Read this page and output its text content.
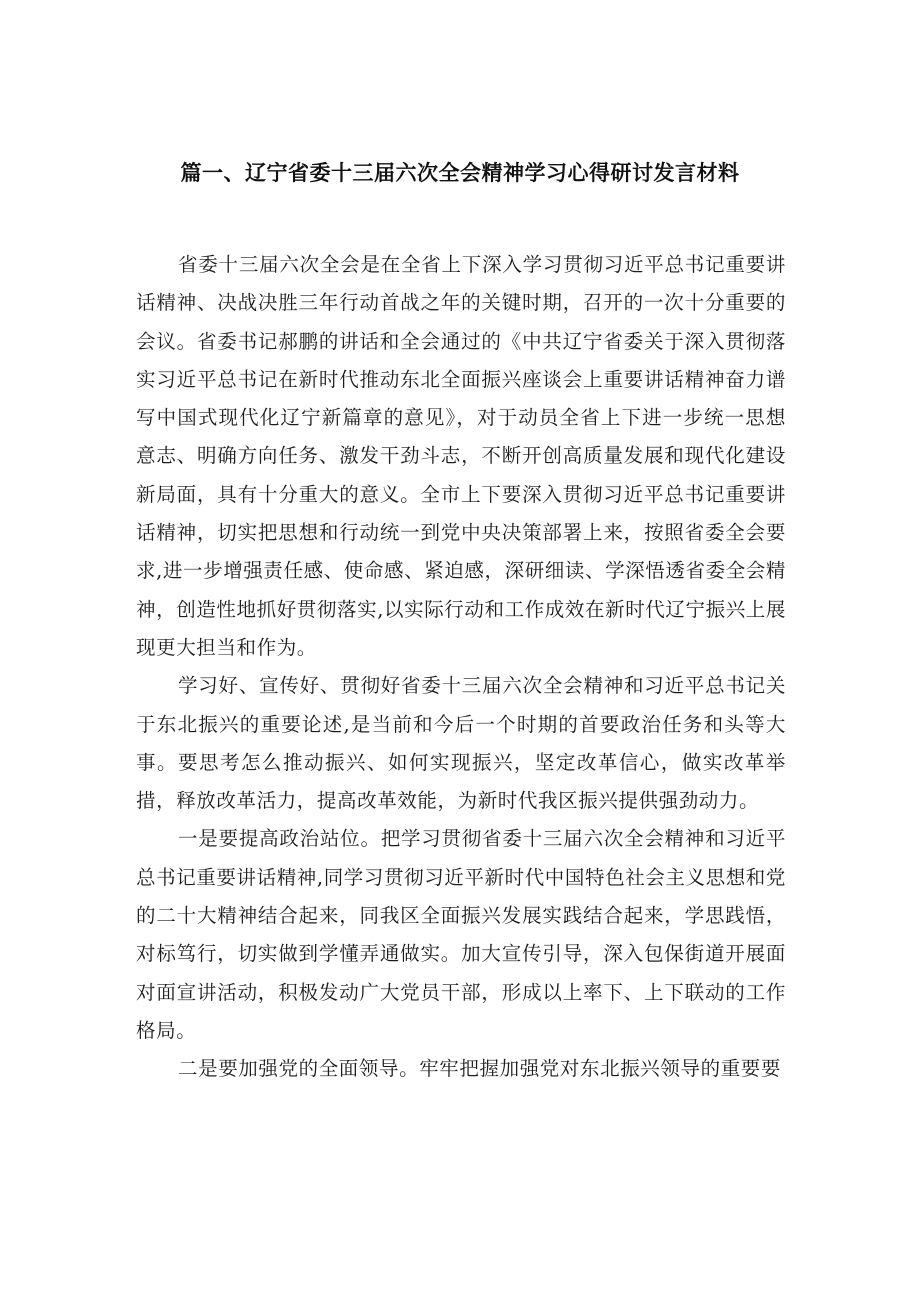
篇一、辽宁省委十三届六次全会精神学习心得研讨发言材料

省委十三届六次全会是在全省上下深入学习贯彻习近平总书记重要讲话精神、决战决胜三年行动首战之年的关键时期，召开的一次十分重要的会议。省委书记郝鹏的讲话和全会通过的《中共辽宁省委关于深入贯彻落实习近平总书记在新时代推动东北全面振兴座谈会上重要讲话精神奋力谱写中国式现代化辽宁新篇章的意见》，对于动员全省上下进一步统一思想意志、明确方向任务、激发干劲斗志，不断开创高质量发展和现代化建设新局面，具有十分重大的意义。全市上下要深入贯彻习近平总书记重要讲话精神，切实把思想和行动统一到党中央决策部署上来，按照省委全会要求,进一步增强责任感、使命感、紧迫感，深研细读、学深悟透省委全会精神，创造性地抓好贯彻落实,以实际行动和工作成效在新时代辽宁振兴上展现更大担当和作为。

学习好、宣传好、贯彻好省委十三届六次全会精神和习近平总书记关于东北振兴的重要论述,是当前和今后一个时期的首要政治任务和头等大事。要思考怎么推动振兴、如何实现振兴，坚定改革信心，做实改革举措，释放改革活力，提高改革效能，为新时代我区振兴提供强劲动力。

一是要提高政治站位。把学习贯彻省委十三届六次全会精神和习近平总书记重要讲话精神,同学习贯彻习近平新时代中国特色社会主义思想和党的二十大精神结合起来，同我区全面振兴发展实践结合起来，学思践悟，对标笃行，切实做到学懂弄通做实。加大宣传引导，深入包保街道开展面对面宣讲活动，积极发动广大党员干部，形成以上率下、上下联动的工作格局。

二是要加强党的全面领导。牢牢把握加强党对东北振兴领导的重要要
